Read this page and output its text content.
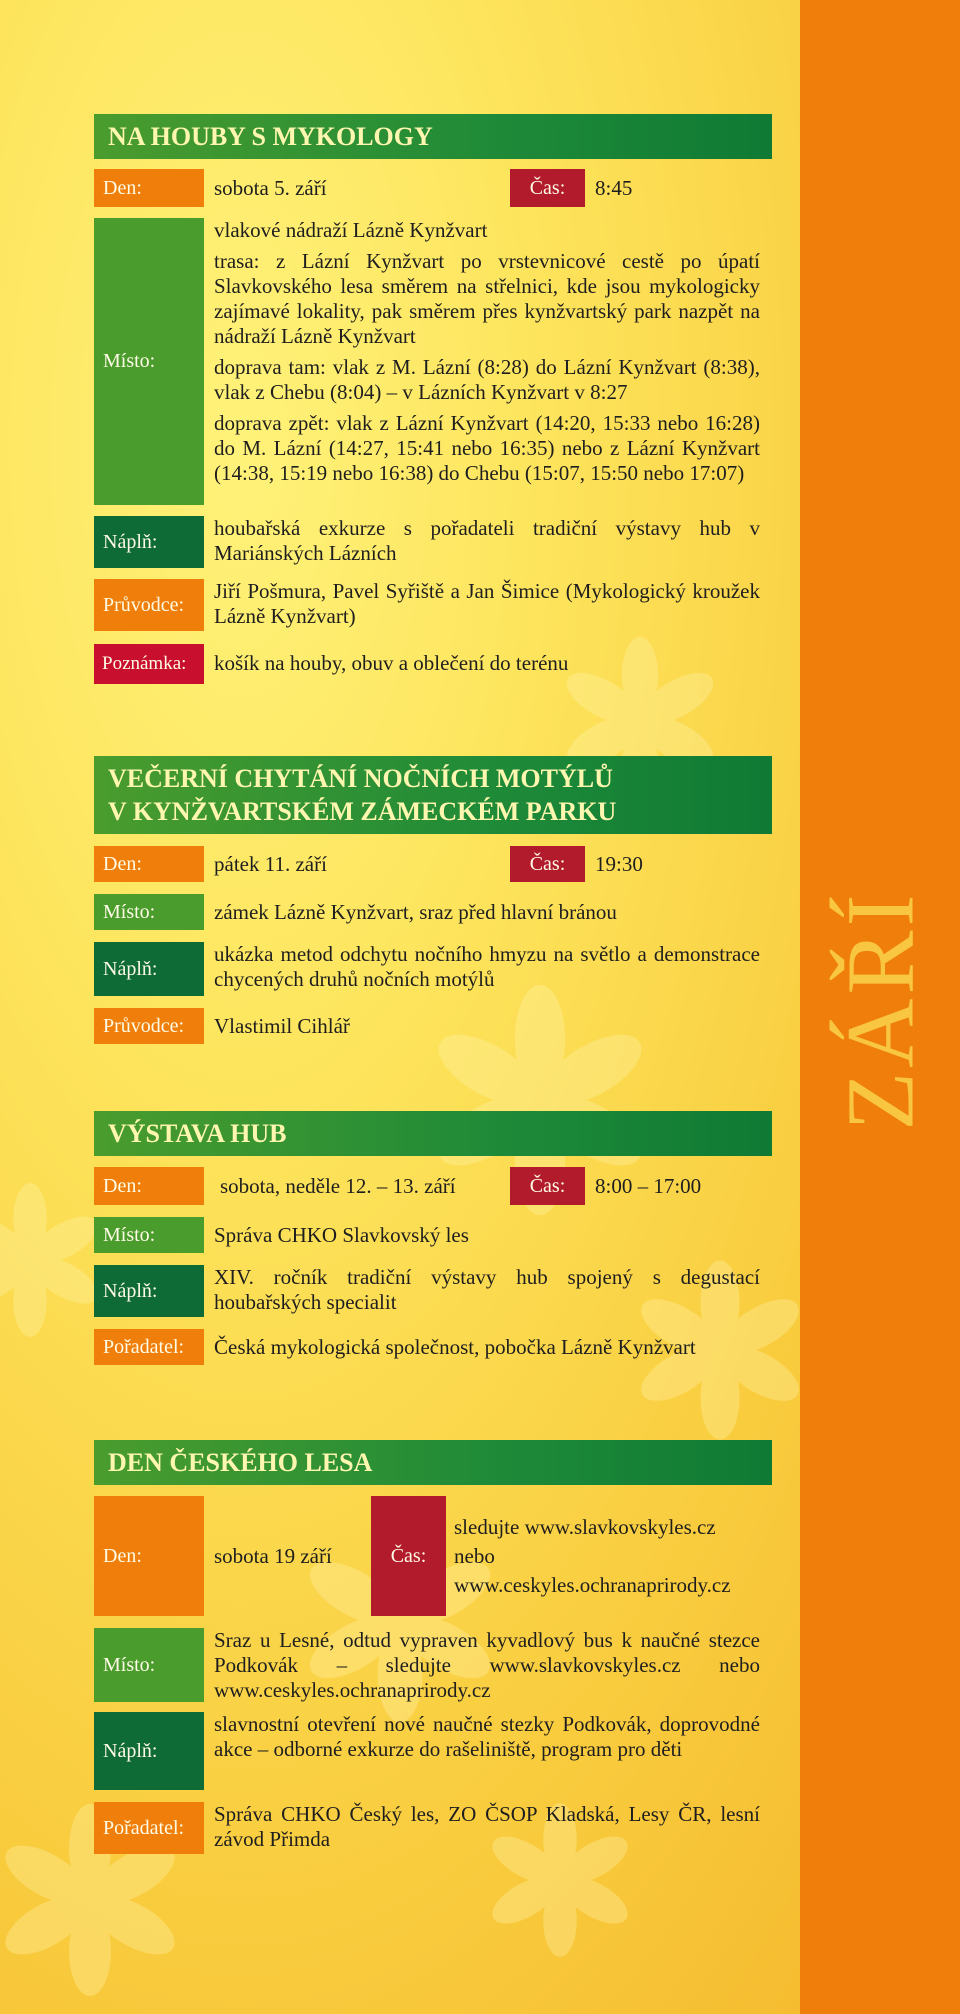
ZÁŘÍ
NA HOUBY S MYKOLOGY
Den:	sobota 5. září	Čas:	8:45
Místo:

vlakové nádraží Lázně Kynžvart

trasa: z Lázní Kynžvart po vrstevnicové cestě po úpatí Slavkovského lesa směrem na střelnici, kde jsou mykologicky zajímavé lokality, pak směrem přes kynžvartský park nazpět na nádraží Lázně Kynžvart

doprava tam: vlak z M. Lázní (8:28) do Lázní Kynžvart (8:38), vlak z Chebu (8:04) – v Lázních Kynžvart v 8:27

doprava zpět: vlak z Lázní Kynžvart (14:20, 15:33 nebo 16:28) do M. Lázní (14:27, 15:41 nebo 16:35) nebo z Lázní Kynžvart (14:38, 15:19 nebo 16:38) do Chebu (15:07, 15:50 nebo 17:07)

Náplň:

houbařská exkurze s pořadateli tradiční výstavy hub v Mariánských Lázních

Průvodce:

Jiří Pošmura, Pavel Syřiště a Jan Šimice (Mykologický kroužek Lázně Kynžvart)

Poznámka:	košík na houby, obuv a oblečení do terénu

VEČERNÍ CHYTÁNÍ NOČNÍCH MOTÝLŮ
V KYNŽVARTSKÉM ZÁMECKÉM PARKU
Den:	pátek 11. září	Čas:	19:30
Místo:	zámek Lázně Kynžvart, sraz před hlavní bránou
Náplň:

ukázka metod odchytu nočního hmyzu na světlo a demonstrace chycených druhů nočních motýlů

Průvodce:	Vlastimil Cihlář
VÝSTAVA HUB
Den:	sobota, neděle 12. – 13. září	Čas:	8:00 – 17:00
Místo:	Správa CHKO Slavkovský les
Náplň:

XIV. ročník tradiční výstavy hub spojený s degustací houbařských specialit

Pořadatel:	Česká mykologická společnost, pobočka Lázně Kynžvart
DEN ČESKÉHO LESA
Den:	sobota 19 září	Čas:
sledujte www.slavkovskyles.cz
nebo
www.ceskyles.ochranaprirody.cz
Místo:

Sraz u Lesné, odtud vypraven kyvadlový bus k naučné stezce Podkovák – sledujte www.slavkovskyles.cz nebo www.ceskyles.ochranaprirody.cz

Náplň:

slavnostní otevření nové naučné stezky Podkovák, doprovodné akce – odborné exkurze do rašeliniště, program pro děti

Pořadatel:

Správa CHKO Český les, ZO ČSOP Kladská, Lesy ČR, lesní závod Přimda
